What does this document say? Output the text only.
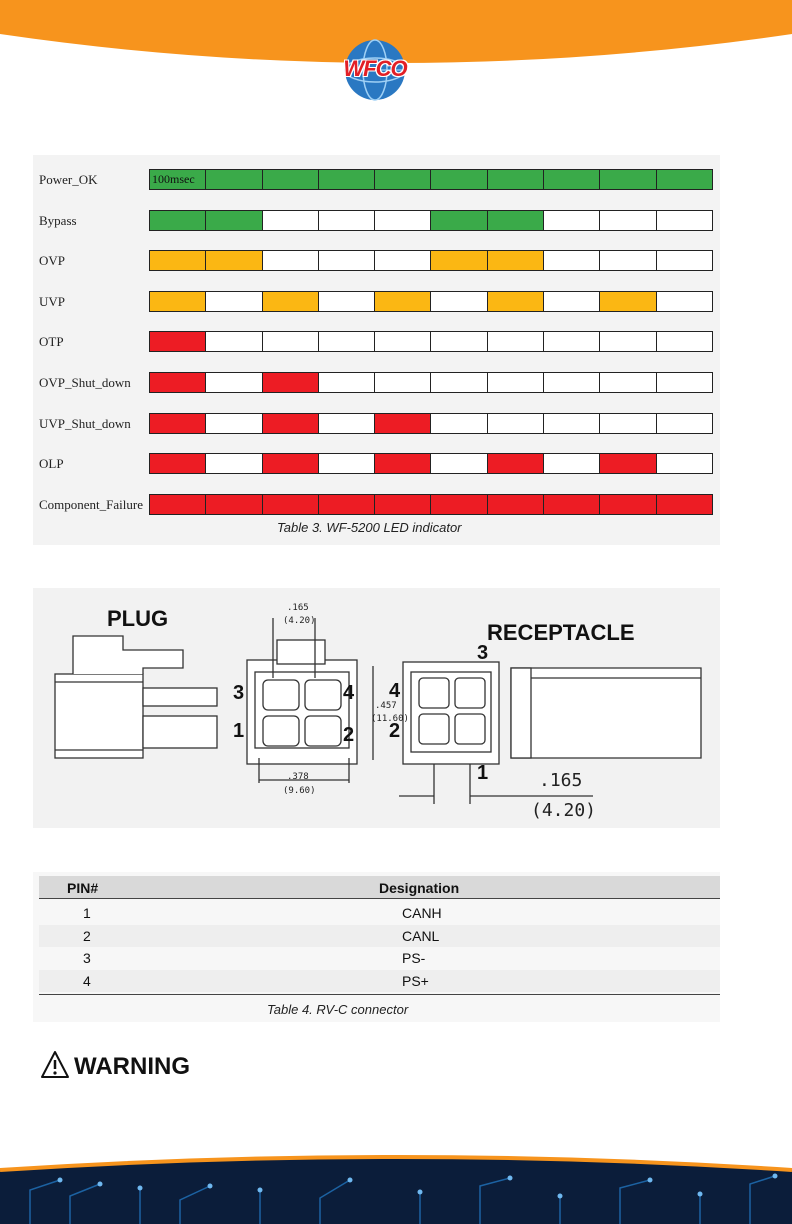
WFCO
Power_OK	100msec
Bypass
OVP
UVP
OTP
OVP_Shut_down
UVP_Shut_down
OLP
Component_Failure
Table 3. WF-5200 LED indicator
PLUG
RECEPTACLE
3	4
1	2
3
4
2
1
.165
(4.20)
.457
(11.60)
.378
(9.60)	.165
(4.20)
PIN#	Designation
1	CANH
2	CANL
3	PS-
4	PS+
Table 4. RV-C connector
WARNING
